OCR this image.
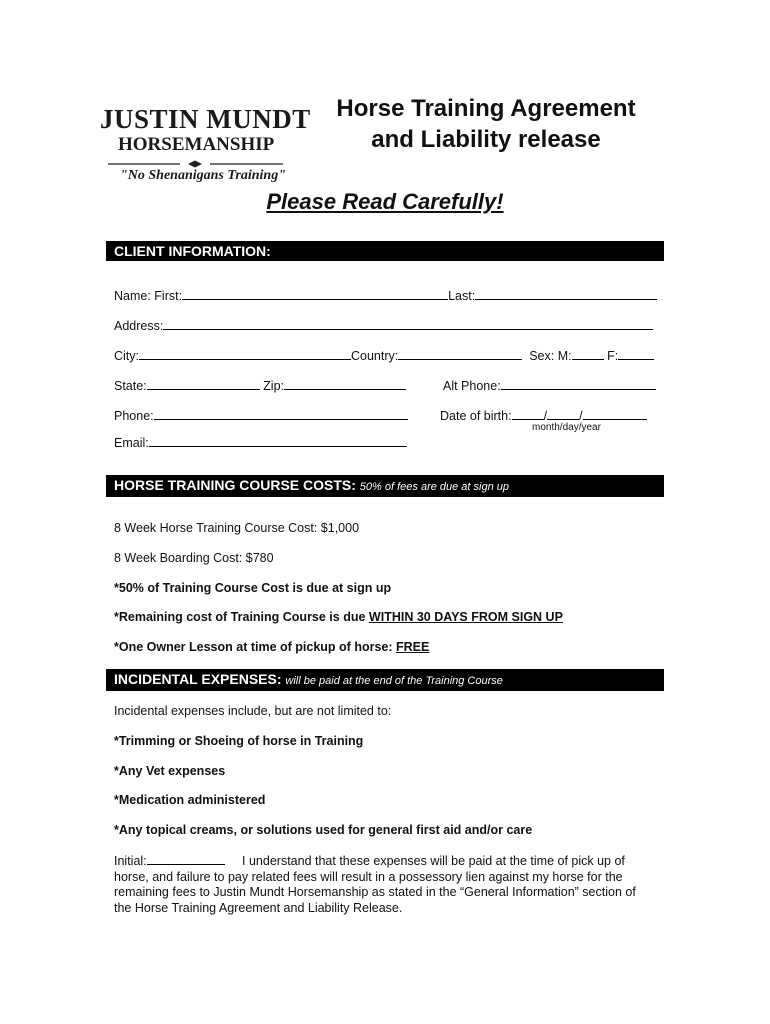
JUSTIN MUNDT
HORSEMANSHIP
"No Shenanigans Training"
Horse Training Agreement
and Liability release
Please Read Carefully!
CLIENT INFORMATION:
Name: First:	Last:
Address:
City:	Country:	Sex: M:	F:
State:	Zip:	Alt Phone:
Phone:	Date of birth:	/	/
month/day/year
Email:
HORSE TRAINING COURSE COSTS: 50% of fees are due at sign up
8 Week Horse Training Course Cost: $1,000
8 Week Boarding Cost: $780
*50% of Training Course Cost is due at sign up
*Remaining cost of Training Course is due WITHIN 30 DAYS FROM SIGN UP
*One Owner Lesson at time of pickup of horse: FREE
INCIDENTAL EXPENSES: will be paid at the end of the Training Course
Incidental expenses include, but are not limited to:
*Trimming or Shoeing of horse in Training
*Any Vet expenses
*Medication administered
*Any topical creams, or solutions used for general first aid and/or care
Initial:	I understand that these expenses will be paid at the time of pick up of horse, and failure to pay related fees will result in a possessory lien against my horse for the remaining fees to Justin Mundt Horsemanship as stated in the “General Information” section of the Horse Training Agreement and Liability Release.
